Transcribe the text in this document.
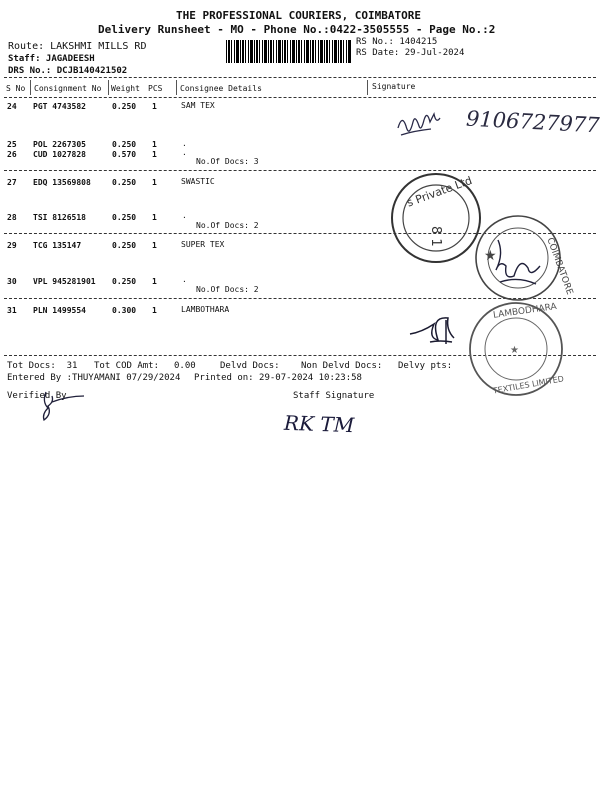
THE PROFESSIONAL COURIERS, COIMBATORE
Delivery Runsheet - MO - Phone No.:0422-3505555 - Page No.:2
Route: LAKSHMI MILLS RD
Staff: JAGADEESH
DRS No.: DCJB140421502
RS No.: 1404215
RS Date: 29-Jul-2024
S No Consignment No Weight PCS Consignee Details	Signature
24 PGT 4743582	0.250 1	SAM TEX
25 POL 2267305	0.250 1	.
26 CUD 1027828	0.570 1	.
No.Of Docs: 3
27 EDQ 13569808	0.250 1	SWASTIC
28 TSI 8126518	0.250 1	.
No.Of Docs: 2
29 TCG 135147	0.250 1	SUPER TEX
30 VPL 945281901 0.250 1	.
No.Of Docs: 2
31 PLN 1499554	0.300 1	LAMBOTHARA
Tot Docs:  31 Tot COD Amt: 0.00	Delvd Docs: Non Delvd Docs: Delvy pts:
Entered By :THUYAMANI 07/29/2024 Printed on: 29-07-2024 10:23:58
Verified By	Staff Signature
9106727977
RK TM
s Private Ltd
8 1
COIMBATORE
★
LAMBODHARA
TEXTILES LIMITED
★
